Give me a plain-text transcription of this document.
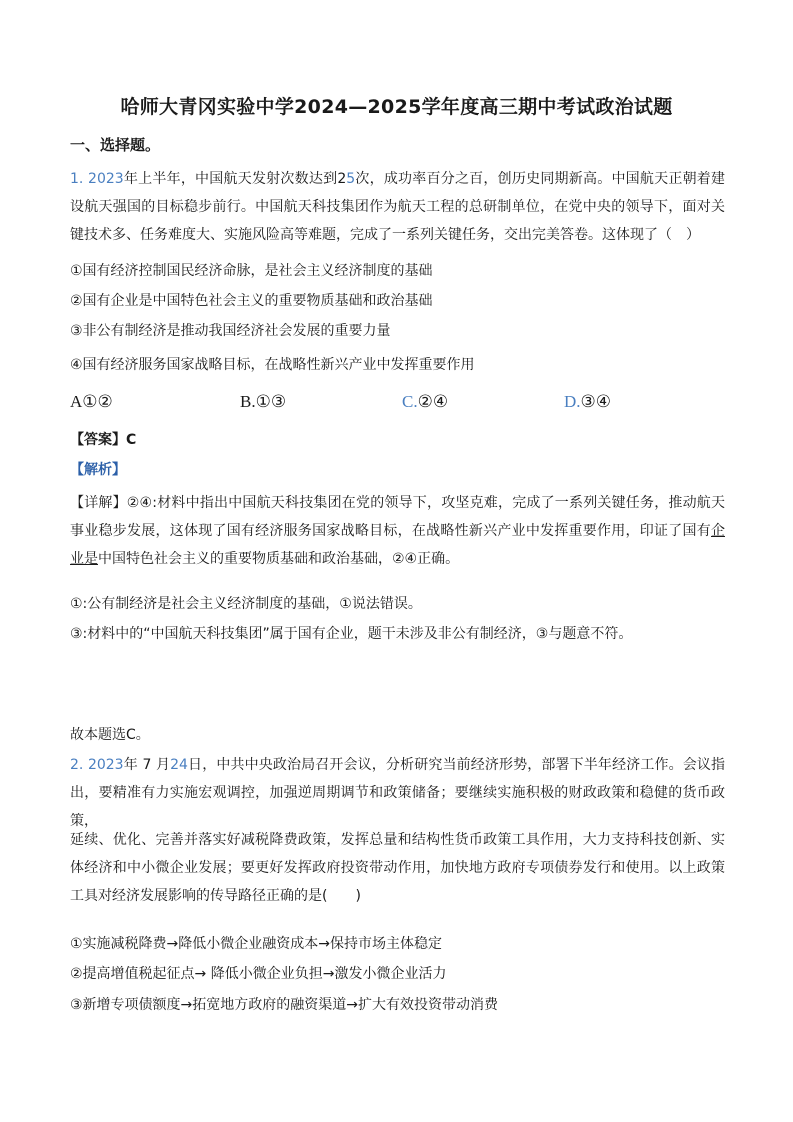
哈师大青冈实验中学2024—2025学年度高三期中考试政治试题
一、选择题。
1. 2023年上半年，中国航天发射次数达到25次，成功率百分之百，创历史同期新高。中国航天正朝着建设航天强国的目标稳步前行。中国航天科技集团作为航天工程的总研制单位，在党中央的领导下，面对关键技术多、任务难度大、实施风险高等难题，完成了一系列关键任务，交出完美答卷。这体现了（　）
①国有经济控制国民经济命脉，是社会主义经济制度的基础
②国有企业是中国特色社会主义的重要物质基础和政治基础
③非公有制经济是推动我国经济社会发展的重要力量
④国有经济服务国家战略目标，在战略性新兴产业中发挥重要作用
A①②	B.①③	C.②④	D.③④
【答案】C
【解析】
【详解】②④:材料中指出中国航天科技集团在党的领导下，攻坚克难，完成了一系列关键任务，推动航天事业稳步发展，这体现了国有经济服务国家战略目标，在战略性新兴产业中发挥重要作用，印证了国有企业是中国特色社会主义的重要物质基础和政治基础，②④正确。
①:公有制经济是社会主义经济制度的基础，①说法错误。
③:材料中的“中国航天科技集团”属于国有企业，题干未涉及非公有制经济，③与题意不符。
故本题选C。
2. 2023年 7 月24日，中共中央政治局召开会议，分析研究当前经济形势，部署下半年经济工作。会议指出，要精准有力实施宏观调控，加强逆周期调节和政策储备；要继续实施积极的财政政策和稳健的货币政策，
延续、优化、完善并落实好减税降费政策，发挥总量和结构性货币政策工具作用，大力支持科技创新、实体经济和中小微企业发展；要更好发挥政府投资带动作用，加快地方政府专项债券发行和使用。以上政策工具对经济发展影响的传导路径正确的是(　　)
①实施减税降费→降低小微企业融资成本→保持市场主体稳定
②提高增值税起征点→ 降低小微企业负担→激发小微企业活力
③新增专项债额度→拓宽地方政府的融资渠道→扩大有效投资带动消费
